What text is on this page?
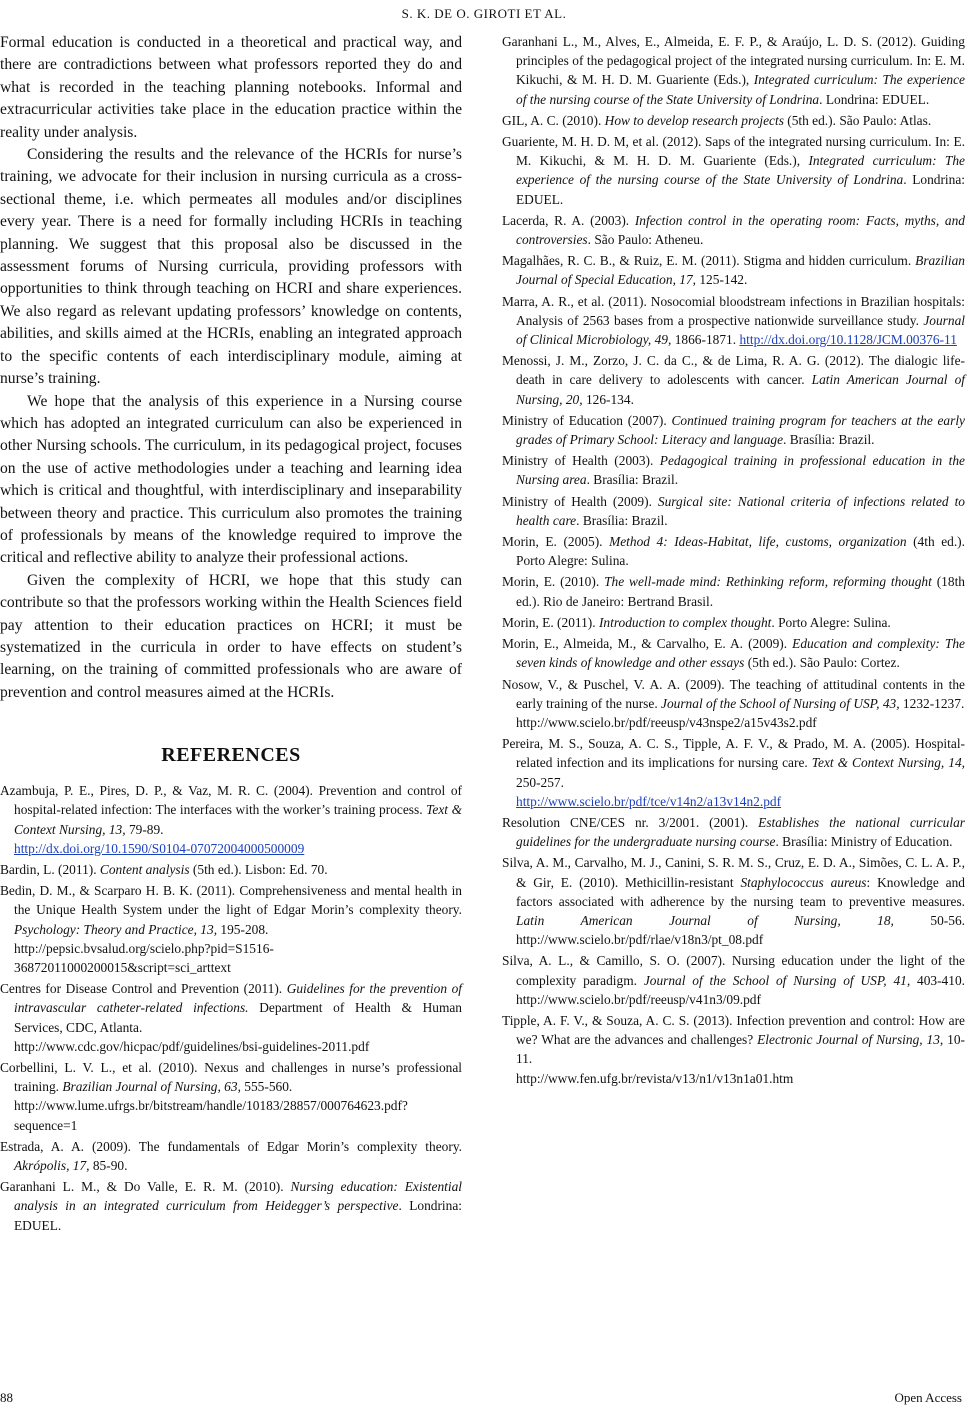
S. K. DE O. GIROTI ET AL.

Formal education is conducted in a theoretical and practical way, and there are contradictions between what professors reported they do and what is recorded in the teaching planning notebooks. Informal and extracurricular activities take place in the education practice within the reality under analysis.

Considering the results and the relevance of the HCRIs for nurse’s training, we advocate for their inclusion in nursing curricula as a cross-sectional theme, i.e. which permeates all modules and/or disciplines every year. There is a need for formally including HCRIs in teaching planning. We suggest that this proposal also be discussed in the assessment forums of Nursing curricula, providing professors with opportunities to think through teaching on HCRI and share experiences. We also regard as relevant updating professors’ knowledge on contents, abilities, and skills aimed at the HCRIs, enabling an integrated approach to the specific contents of each interdisciplinary module, aiming at nurse’s training.

We hope that the analysis of this experience in a Nursing course which has adopted an integrated curriculum can also be experienced in other Nursing schools. The curriculum, in its pedagogical project, focuses on the use of active methodologies under a teaching and learning idea which is critical and thoughtful, with interdisciplinary and inseparability between theory and practice. This curriculum also promotes the training of professionals by means of the knowledge required to improve the critical and reflective ability to analyze their professional actions.

Given the complexity of HCRI, we hope that this study can contribute so that the professors working within the Health Sciences field pay attention to their education practices on HCRI; it must be systematized in the curricula in order to have effects on student’s learning, on the training of committed professionals who are aware of prevention and control measures aimed at the HCRIs.

REFERENCES
Azambuja, P. E., Pires, D. P., & Vaz, M. R. C. (2004). Prevention and control of hospital-related infection: The interfaces with the worker’s training process. Text & Context Nursing, 13, 79-89.
http://dx.doi.org/10.1590/S0104-07072004000500009
Bardin, L. (2011). Content analysis (5th ed.). Lisbon: Ed. 70.
Bedin, D. M., & Scarparo H. B. K. (2011). Comprehensiveness and mental health in the Unique Health System under the light of Edgar Morin’s complexity theory. Psychology: Theory and Practice, 13, 195-208.
http://pepsic.bvsalud.org/scielo.php?pid=S1516-36872011000200015&script=sci_arttext
Centres for Disease Control and Prevention (2011). Guidelines for the prevention of intravascular catheter-related infections. Department of Health & Human Services, CDC, Atlanta.
http://www.cdc.gov/hicpac/pdf/guidelines/bsi-guidelines-2011.pdf
Corbellini, L. V. L., et al. (2010). Nexus and challenges in nurse’s professional training. Brazilian Journal of Nursing, 63, 555-560.
http://www.lume.ufrgs.br/bitstream/handle/10183/28857/000764623.pdf?sequence=1
Estrada, A. A. (2009). The fundamentals of Edgar Morin’s complexity theory. Akrópolis, 17, 85-90.
Garanhani L. M., & Do Valle, E. R. M. (2010). Nursing education: Existential analysis in an integrated curriculum from Heidegger’s perspective. Londrina: EDUEL.
Garanhani L., M., Alves, E., Almeida, E. F. P., & Araújo, L. D. S. (2012). Guiding principles of the pedagogical project of the integrated nursing curriculum. In: E. M. Kikuchi, & M. H. D. M. Guariente (Eds.), Integrated curriculum: The experience of the nursing course of the State University of Londrina. Londrina: EDUEL.
GIL, A. C. (2010). How to develop research projects (5th ed.). São Paulo: Atlas.
Guariente, M. H. D. M, et al. (2012). Saps of the integrated nursing curriculum. In: E. M. Kikuchi, & M. H. D. M. Guariente (Eds.), Integrated curriculum: The experience of the nursing course of the State University of Londrina. Londrina: EDUEL.
Lacerda, R. A. (2003). Infection control in the operating room: Facts, myths, and controversies. São Paulo: Atheneu.
Magalhães, R. C. B., & Ruiz, E. M. (2011). Stigma and hidden curriculum. Brazilian Journal of Special Education, 17, 125-142.
Marra, A. R., et al. (2011). Nosocomial bloodstream infections in Brazilian hospitals: Analysis of 2563 bases from a prospective nationwide surveillance study. Journal of Clinical Microbiology, 49, 1866-1871. http://dx.doi.org/10.1128/JCM.00376-11
Menossi, J. M., Zorzo, J. C. da C., & de Lima, R. A. G. (2012). The dialogic life-death in care delivery to adolescents with cancer. Latin American Journal of Nursing, 20, 126-134.
Ministry of Education (2007). Continued training program for teachers at the early grades of Primary School: Literacy and language. Brasília: Brazil.
Ministry of Health (2003). Pedagogical training in professional education in the Nursing area. Brasília: Brazil.
Ministry of Health (2009). Surgical site: National criteria of infections related to health care. Brasília: Brazil.
Morin, E. (2005). Method 4: Ideas-Habitat, life, customs, organization (4th ed.). Porto Alegre: Sulina.
Morin, E. (2010). The well-made mind: Rethinking reform, reforming thought (18th ed.). Rio de Janeiro: Bertrand Brasil.
Morin, E. (2011). Introduction to complex thought. Porto Alegre: Sulina.
Morin, E., Almeida, M., & Carvalho, E. A. (2009). Education and complexity: The seven kinds of knowledge and other essays (5th ed.). São Paulo: Cortez.
Nosow, V., & Puschel, V. A. A. (2009). The teaching of attitudinal contents in the early training of the nurse. Journal of the School of Nursing of USP, 43, 1232-1237.
http://www.scielo.br/pdf/reeusp/v43nspe2/a15v43s2.pdf
Pereira, M. S., Souza, A. C. S., Tipple, A. F. V., & Prado, M. A. (2005). Hospital-related infection and its implications for nursing care. Text & Context Nursing, 14, 250-257.
http://www.scielo.br/pdf/tce/v14n2/a13v14n2.pdf
Resolution CNE/CES nr. 3/2001. (2001). Establishes the national curricular guidelines for the undergraduate nursing course. Brasília: Ministry of Education.
Silva, A. M., Carvalho, M. J., Canini, S. R. M. S., Cruz, E. D. A., Simões, C. L. A. P., & Gir, E. (2010). Methicillin-resistant Staphylococcus aureus: Knowledge and factors associated with adherence by the nursing team to preventive measures. Latin American Journal of Nursing, 18, 50-56. http://www.scielo.br/pdf/rlae/v18n3/pt_08.pdf
Silva, A. L., & Camillo, S. O. (2007). Nursing education under the light of the complexity paradigm. Journal of the School of Nursing of USP, 41, 403-410. http://www.scielo.br/pdf/reeusp/v41n3/09.pdf
Tipple, A. F. V., & Souza, A. C. S. (2013). Infection prevention and control: How are we? What are the advances and challenges? Electronic Journal of Nursing, 13, 10-11.
http://www.fen.ufg.br/revista/v13/n1/v13n1a01.htm
88	Open Access
